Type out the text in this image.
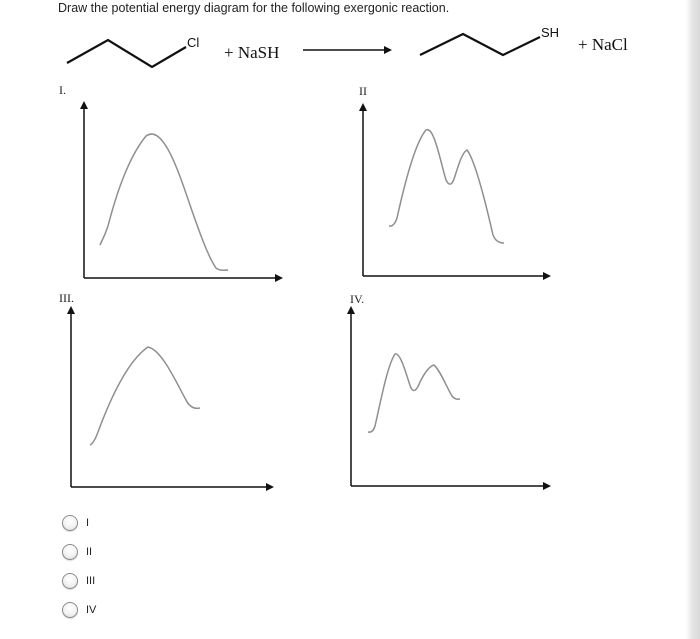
Draw the potential energy diagram for the following exergonic reaction.
Cl
+ NaSH
SH
+ NaCl
I.	II
III.	IV.
I
II
III
IV
